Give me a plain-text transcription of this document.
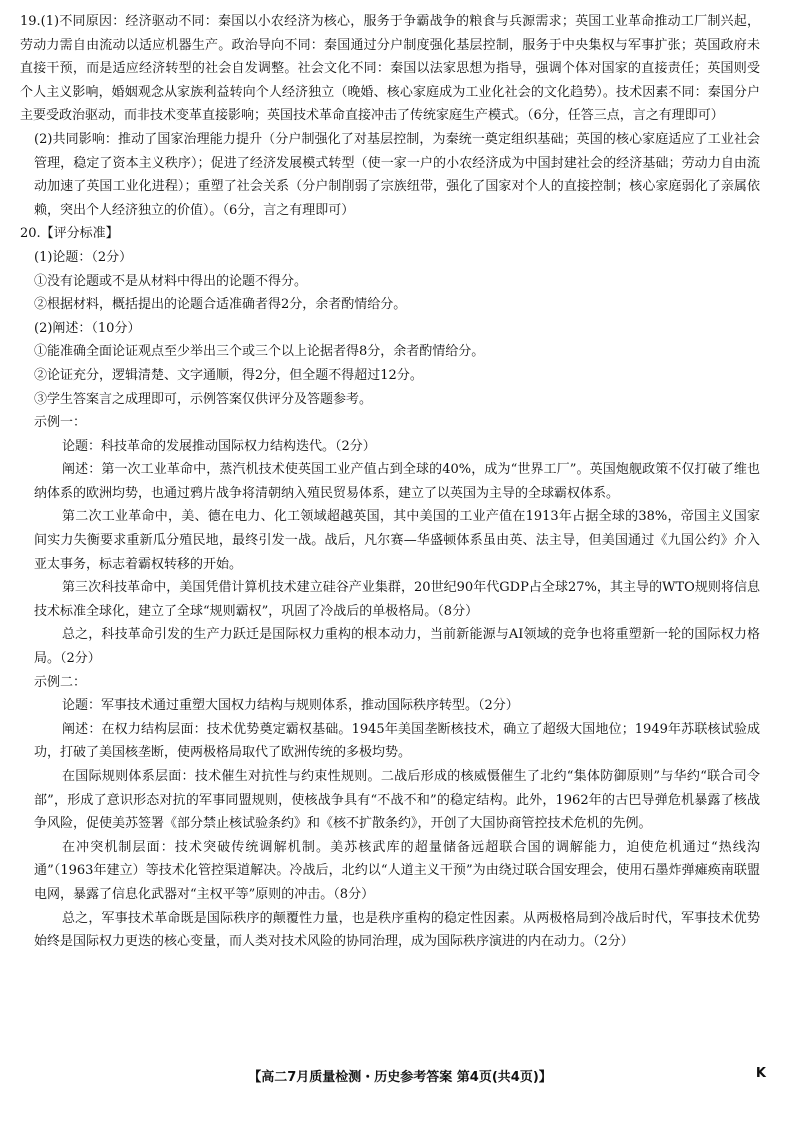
19.(1)不同原因：经济驱动不同：秦国以小农经济为核心，服务于争霸战争的粮食与兵源需求；英国工业革命推动工厂制兴起，劳动力需自由流动以适应机器生产。政治导向不同：秦国通过分户制度强化基层控制，服务于中央集权与军事扩张；英国政府未直接干预，而是适应经济转型的社会自发调整。社会文化不同：秦国以法家思想为指导，强调个体对国家的直接责任；英国则受个人主义影响，婚姻观念从家族利益转向个人经济独立（晚婚、核心家庭成为工业化社会的文化趋势）。技术因素不同：秦国分户主要受政治驱动，而非技术变革直接影响；英国技术革命直接冲击了传统家庭生产模式。（6分，任答三点，言之有理即可）
(2)共同影响：推动了国家治理能力提升（分户制强化了对基层控制，为秦统一奠定组织基础；英国的核心家庭适应了工业社会管理，稳定了资本主义秩序）；促进了经济发展模式转型（使一家一户的小农经济成为中国封建社会的经济基础；劳动力自由流动加速了英国工业化进程）；重塑了社会关系（分户制削弱了宗族纽带，强化了国家对个人的直接控制；核心家庭弱化了亲属依赖，突出个人经济独立的价值）。（6分，言之有理即可）
20.【评分标准】
(1)论题：（2分）
①没有论题或不是从材料中得出的论题不得分。
②根据材料，概括提出的论题合适准确者得2分，余者酌情给分。
(2)阐述：（10分）
①能准确全面论证观点至少举出三个或三个以上论据者得8分，余者酌情给分。
②论证充分，逻辑清楚、文字通顺，得2分，但全题不得超过12分。
③学生答案言之成理即可，示例答案仅供评分及答题参考。
示例一：
论题：科技革命的发展推动国际权力结构迭代。（2分）
阐述：第一次工业革命中，蒸汽机技术使英国工业产值占到全球的40%，成为“世界工厂”。英国炮舰政策不仅打破了维也纳体系的欧洲均势，也通过鸦片战争将清朝纳入殖民贸易体系，建立了以英国为主导的全球霸权体系。
第二次工业革命中，美、德在电力、化工领域超越英国，其中美国的工业产值在1913年占据全球的38%，帝国主义国家间实力失衡要求重新瓜分殖民地，最终引发一战。战后，凡尔赛—华盛顿体系虽由英、法主导，但美国通过《九国公约》介入亚太事务，标志着霸权转移的开始。
第三次科技革命中，美国凭借计算机技术建立硅谷产业集群，20世纪90年代GDP占全球27%，其主导的WTO规则将信息技术标准全球化，建立了全球“规则霸权”，巩固了冷战后的单极格局。（8分）
总之，科技革命引发的生产力跃迁是国际权力重构的根本动力，当前新能源与AI领域的竞争也将重塑新一轮的国际权力格局。（2分）
示例二：
论题：军事技术通过重塑大国权力结构与规则体系，推动国际秩序转型。（2分）
阐述：在权力结构层面：技术优势奠定霸权基础。1945年美国垄断核技术，确立了超级大国地位；1949年苏联核试验成功，打破了美国核垄断，使两极格局取代了欧洲传统的多极均势。
在国际规则体系层面：技术催生对抗性与约束性规则。二战后形成的核威慑催生了北约“集体防御原则”与华约“联合司令部”，形成了意识形态对抗的军事同盟规则，使核战争具有“不战不和”的稳定结构。此外，1962年的古巴导弹危机暴露了核战争风险，促使美苏签署《部分禁止核试验条约》和《核不扩散条约》，开创了大国协商管控技术危机的先例。
在冲突机制层面：技术突破传统调解机制。美苏核武库的超量储备远超联合国的调解能力，迫使危机通过“热线沟通”（1963年建立）等技术化管控渠道解决。冷战后，北约以“人道主义干预”为由绕过联合国安理会，使用石墨炸弹瘫痪南联盟电网，暴露了信息化武器对“主权平等”原则的冲击。（8分）
总之，军事技术革命既是国际秩序的颠覆性力量，也是秩序重构的稳定性因素。从两极格局到冷战后时代，军事技术优势始终是国际权力更迭的核心变量，而人类对技术风险的协同治理，成为国际秩序演进的内在动力。（2分）
【高二7月质量检测・历史参考答案 第4页(共4页)】	K
